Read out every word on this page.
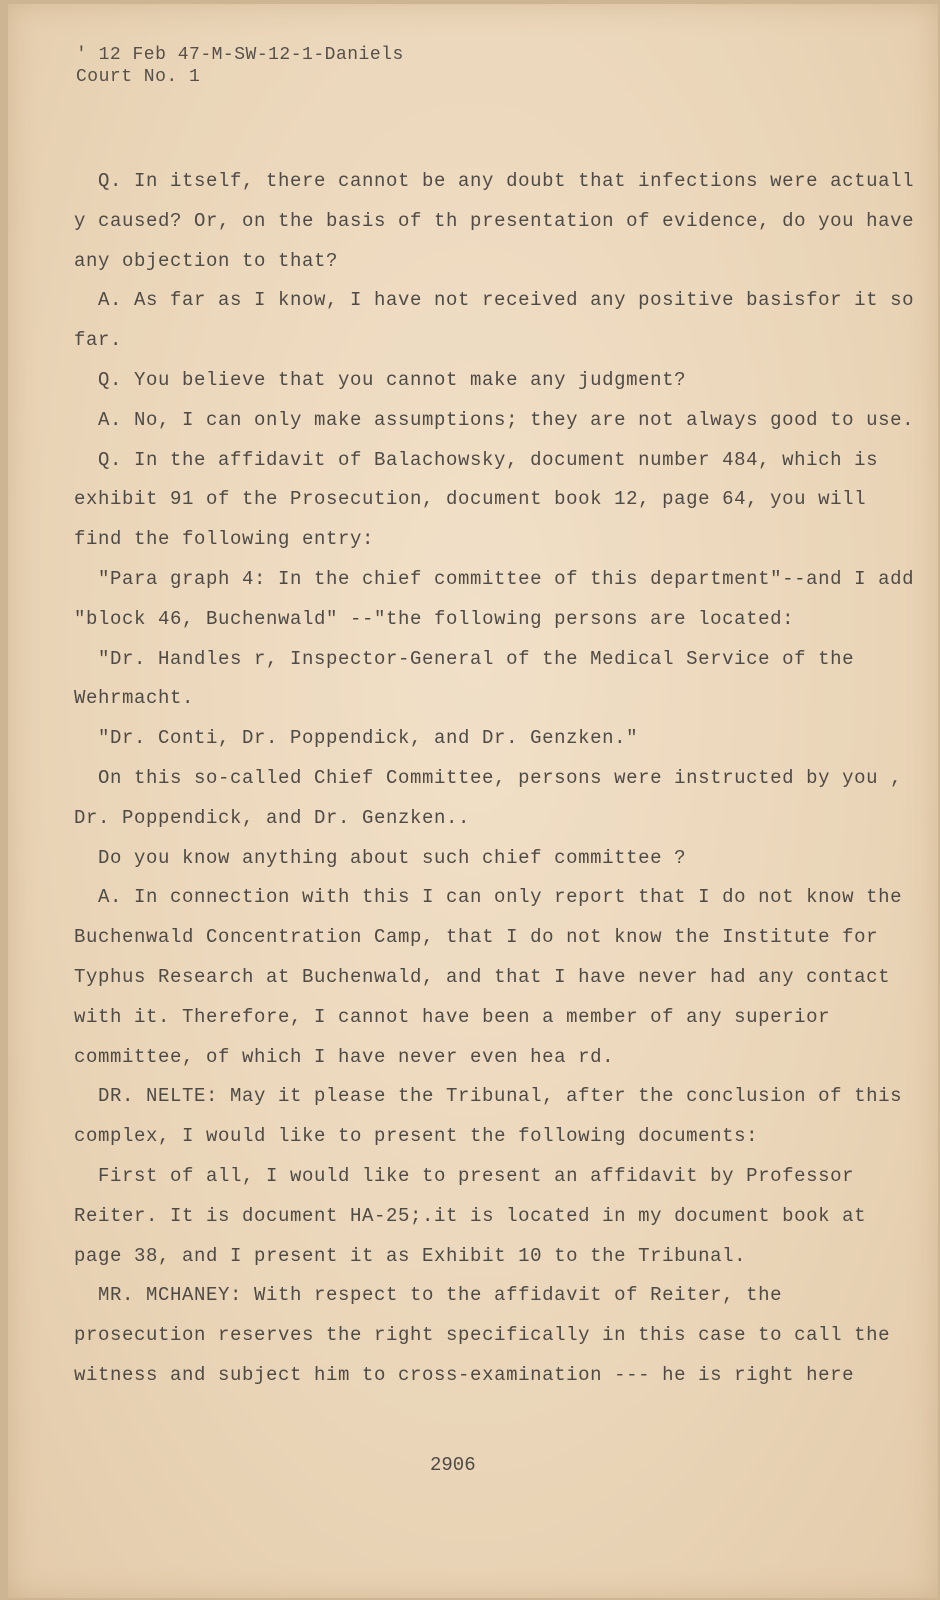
' 12 Feb 47-M-SW-12-1-Daniels
Court No. 1

Q. In itself, there cannot be any doubt that infections were actuall y caused? Or, on the basis of th presentation of evidence, do you have any objection to that?

A. As far as I know, I have not received any positive basisfor it so far.

Q. You believe that you cannot make any judgment?

A. No, I can only make assumptions; they are not always good to use.

Q. In the affidavit of Balachowsky, document number 484, which is exhibit 91 of the Prosecution, document book 12, page 64, you will find the following entry:

"Para graph 4: In the chief committee of this department"--and I add "block 46, Buchenwald" --"the following persons are located:

"Dr. Handles r, Inspector-General of the Medical Service of the Wehrmacht.

"Dr. Conti, Dr. Poppendick, and Dr. Genzken."

On this so-called Chief Committee, persons were instructed by you , Dr. Poppendick, and Dr. Genzken..

Do you know anything about such chief committee ?

A. In connection with this I can only report that I do not know the Buchenwald Concentration Camp, that I do not know the Institute for Typhus Research at Buchenwald, and that I have never had any contact with it. Therefore, I cannot have been a member of any superior committee, of which I have never even hea rd.

DR. NELTE: May it please the Tribunal, after the conclusion of this complex, I would like to present the following documents:

First of all, I would like to present an affidavit by Professor Reiter. It is document HA-25;.it is located in my document book at page 38, and I present it as Exhibit 10 to the Tribunal.

MR. MCHANEY: With respect to the affidavit of Reiter, the prosecution reserves the right specifically in this case to call the witness and subject him to cross-examination --- he is right here

2906
